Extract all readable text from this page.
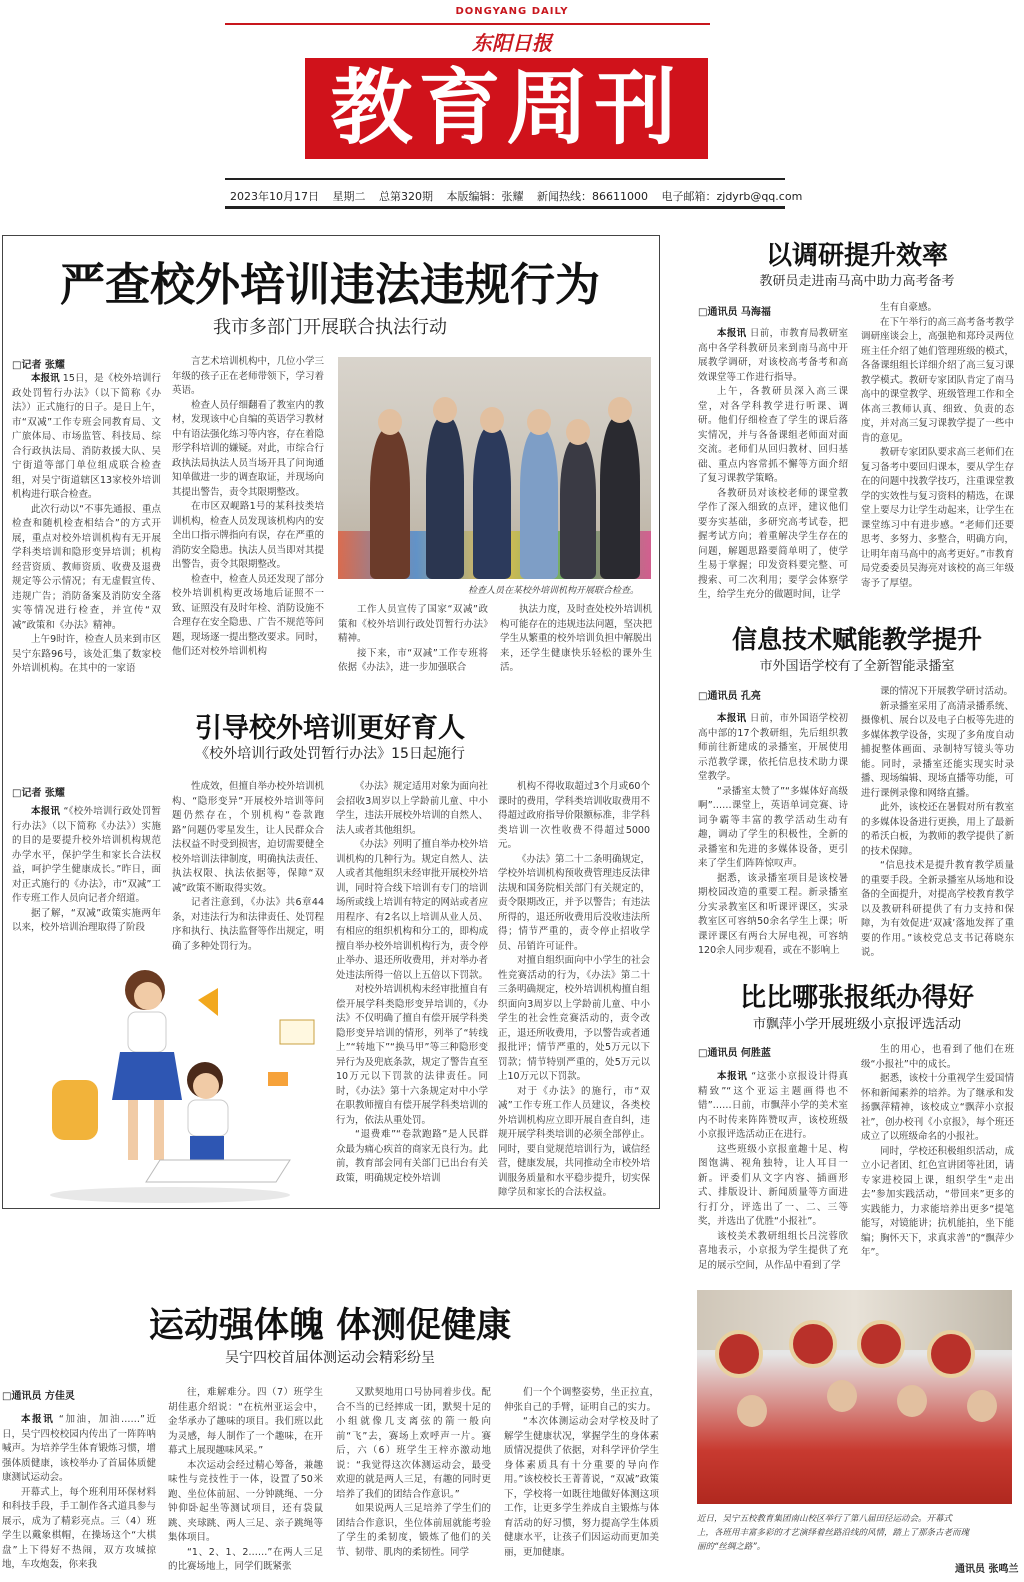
DONGYANG DAILY
东阳日报
教育周刊
2023年10月17日 星期二 总第320期 本版编辑：张耀 新闻热线：86611000 电子邮箱：zjdyrb@qq.com
严查校外培训违法违规行为
我市多部门开展联合执法行动
□记者 张耀

本报讯 15日，是《校外培训行政处罚暂行办法》（以下简称《办法》）正式施行的日子。是日上午，市“双减”工作专班会同教育局、文广旅体局、市场监管、科技局、综合行政执法局、消防救援大队、吴宁街道等部门单位组成联合检查组，对吴宁街道辖区13家校外培训机构进行联合检查。

此次行动以“不事先通报、重点检查和随机检查相结合”的方式开展，重点对校外培训机构有无开展学科类培训和隐形变异培训；机构经营资质、教师资质、收费及退费规定等公示情况；有无虚假宣传、违规广告；消防备案及消防安全落实等情况进行检查，并宣传“双减”政策和《办法》精神。

上午9时许，检查人员来到市区吴宁东路96号，该处汇集了数家校外培训机构。在其中的一家语

言艺术培训机构中，几位小学三年级的孩子正在老师带领下，学习着英语。

检查人员仔细翻看了教室内的教材，发现该中心自编的英语学习教材中有语法强化练习等内容，存在着隐形学科培训的嫌疑。对此，市综合行政执法局执法人员当场开具了问询通知单做进一步的调查取证，并现场向其提出警告，责令其限期整改。

在市区双岘路1号的某科技类培训机构，检查人员发现该机构内的安全出口指示牌指向有误，存在严重的消防安全隐患。执法人员当即对其提出警告，责令其限期整改。

检查中，检查人员还发现了部分校外培训机构更改场地后证照不一致、证照没有及时年检、消防设施不合理存在安全隐患、广告不规范等问题，现场逐一提出整改要求。同时，他们还对校外培训机构

检查人员在某校外培训机构开展联合检查。

工作人员宣传了国家“双减”政策和《校外培训行政处罚暂行办法》精神。

接下来，市“双减”工作专班将依据《办法》，进一步加强联合

执法力度，及时查处校外培训机构可能存在的违规违法问题，坚决把学生从繁重的校外培训负担中解脱出来，还学生健康快乐轻松的课外生活。

引导校外培训更好育人
《校外培训行政处罚暂行办法》15日起施行
□记者 张耀

本报讯 “《校外培训行政处罚暂行办法》（以下简称《办法》）实施的目的是要提升校外培训机构规范办学水平，保护学生和家长合法权益，呵护学生健康成长。”昨日，面对正式施行的《办法》，市“双减”工作专班工作人员向记者介绍道。

据了解，“双减”政策实施两年以来，校外培训治理取得了阶段

性成效，但擅自举办校外培训机构、“隐形变异”开展校外培训等问题仍然存在，个别机构“卷款跑路”问题仍零星发生，让人民群众合法权益不时受到损害，迫切需要健全校外培训法律制度，明确执法责任、执法权限、执法依据等，保障“双减”政策不断取得实效。

记者注意到，《办法》共6章44条，对违法行为和法律责任、处罚程序和执行、执法监督等作出规定，明确了多种处罚行为。

《办法》规定适用对象为面向社会招收3周岁以上学龄前儿童、中小学生，违法开展校外培训的自然人、法人或者其他组织。

《办法》列明了擅自举办校外培训机构的几种行为。规定自然人、法人或者其他组织未经审批开展校外培训，同时符合线下培训有专门的培训场所或线上培训有特定的网站或者应用程序、有2名以上培训从业人员、有相应的组织机构和分工的，即构成擅自举办校外培训机构行为，责令停止举办、退还所收费用，并对举办者处违法所得一倍以上五倍以下罚款。

对校外培训机构未经审批擅自有偿开展学科类隐形变异培训的，《办法》不仅明确了擅自有偿开展学科类隐形变异培训的情形，列举了“转线上”“转地下”“换马甲”等三种隐形变异行为及兜底条款，规定了警告直至10万元以下罚款的法律责任。同时，《办法》第十六条规定对中小学在职教师擅自有偿开展学科类培训的行为，依法从重处罚。

“退费难”“卷款跑路”是人民群众最为痛心疾首的商家无良行为。此前，教育部会同有关部门已出台有关政策，明确规定校外培训

机构不得收取超过3个月或60个课时的费用，学科类培训收取费用不得超过政府指导价限额标准，非学科类培训一次性收费不得超过5000元。

《办法》第二十二条明确规定，学校外培训机构预收费管理违反法律法规和国务院相关部门有关规定的，责令限期改正，并予以警告；有违法所得的，退还所收费用后没收违法所得；情节严重的，责令停止招收学员、吊销许可证件。

对擅自组织面向中小学生的社会性竞赛活动的行为，《办法》第二十三条明确规定，校外培训机构擅自组织面向3周岁以上学龄前儿童、中小学生的社会性竞赛活动的，责令改正，退还所收费用，予以警告或者通报批评；情节严重的，处5万元以下罚款；情节特别严重的，处5万元以上10万元以下罚款。

对于《办法》的施行，市“双减”工作专班工作人员建议，各类校外培训机构应立即开展自查自纠，违规开展学科类培训的必须全部停止。同时，要自觉规范培训行为，诚信经营，健康发展，共同推动全市校外培训服务质量和水平稳步提升，切实保障学员和家长的合法权益。

以调研提升效率
教研员走进南马高中助力高考备考
□通讯员 马海福

本报讯 日前，市教育局教研室高中各学科教研员来到南马高中开展教学调研，对该校高考备考和高效课堂等工作进行指导。

上午，各教研员深入高三课堂，对各学科教学进行听课、调研。他们仔细检查了学生的课后落实情况，并与各备课组老师面对面交流。老师们从回归教材、回归基础、重点内容常抓不懈等方面介绍了复习课教学策略。

各教研员对该校老师的课堂教学作了深入细致的点评，建议他们要夯实基础，多研究高考试卷，把握考试方向；着重解决学生存在的问题，解题思路要简单明了，使学生易于掌握；印发资料要完整、可搜索、可二次利用；要学会体察学生，给学生充分的做题时间，让学

生有自豪感。

在下午举行的高三高考备考教学调研座谈会上，高强艳和郑玲灵两位班主任介绍了她们管理班级的模式，各备课组组长详细介绍了高三复习课教学模式。教研专家团队肯定了南马高中的课堂教学、班级管理工作和全体高三教师认真、细致、负责的态度，并对高三复习课教学提了一些中肯的意见。

教研专家团队要求高三老师们在复习备考中要回归课本，要从学生存在的问题中找教学技巧，注重课堂教学的实效性与复习资料的精选，在课堂上要尽力让学生动起来，让学生在课堂练习中有进步感。“老师们还要思考、多努力、多整合，明确方向，让明年南马高中的高考更好。”市教育局党委委员吴海亮对该校的高三年级寄予了厚望。

信息技术赋能教学提升
市外国语学校有了全新智能录播室
□通讯员 孔亮

本报讯 日前，市外国语学校初高中部的17个教研组，先后组织教师前往新建成的录播室，开展使用示范教学课，依托信息技术助力课堂教学。

“录播室太赞了”“多媒体好高级啊”……课堂上，英语单词竞赛、诗词争霸等丰富的教学活动生动有趣，调动了学生的积极性，全新的录播室和先进的多媒体设备，更引来了学生们阵阵惊叹声。

据悉，该录播室项目是该校暑期校园改造的重要工程。新录播室分实录教室区和听课评课区，实录教室区可容纳50余名学生上课；听课评课区有两台大屏电视，可容纳120余人同步观看，或在不影响上

课的情况下开展教学研讨活动。

新录播室采用了高清录播系统、摄像机、展台以及电子白板等先进的多媒体教学设备，实现了多角度自动捕捉整体画面、录制特写镜头等功能。同时，录播室还能实现实时录播、现场编辑、现场直播等功能，可进行课例录像和网络直播。

此外，该校还在暑假对所有教室的多媒体设备进行更换，用上了最新的希沃白板，为教师的教学提供了新的技术保障。

“信息技术是提升教育教学质量的重要手段。全新录播室从场地和设备的全面提升，对提高学校教育教学以及教研科研提供了有力支持和保障，为有效促进‘双减’落地发挥了重要的作用。”该校党总支书记蒋晓东说。

比比哪张报纸办得好
市飘萍小学开展班级小京报评选活动
□通讯员 何胜蓝

本报讯 “这张小京报设计得真精致”“这个亚运主题画得也不错”……日前，市飘萍小学的美术室内不时传来阵阵赞叹声，该校班级小京报评选活动正在进行。

这些班级小京报童趣十足、构图饱满、视角独特，让人耳目一新。评委们从文字内容、插画形式、排版设计、新闻质量等方面进行打分，评选出了一、二、三等奖，并选出了优胜“小报社”。

该校美术教研组组长吕浣蓉欣喜地表示，小京报为学生提供了充足的展示空间，从作品中看到了学

生的用心，也看到了他们在班级“小报社”中的成长。

据悉，该校十分重视学生爱国情怀和新闻素养的培养。为了继承和发扬飘萍精神，该校成立“飘萍小京报社”，创办校刊《小京报》，每个班还成立了以班级命名的小报社。

同时，学校还积极组织活动，成立小记者团、红色宣讲团等社团，请专家进校园上课，组织学生“走出去”参加实践活动，“带回来”更多的实践能力，力求能培养出更多“提笔能写，对镜能讲；抗机能拍，坐下能编；胸怀天下，求真求善”的“飘萍少年”。

近日，吴宁五校教育集团南山校区举行了第八届田径运动会。开幕式
上，各班用丰富多彩的才艺演绎着丝路沿线的风情，踏上了那条古老而瑰
丽的“丝绸之路”。
通讯员 张鸣兰
运动强体魄 体测促健康
吴宁四校首届体测运动会精彩纷呈
□通讯员 方佳灵

本报讯 “加油，加油……”近日，吴宁四校校园内传出了一阵阵呐喊声。为培养学生体育锻炼习惯，增强体质健康，该校举办了首届体质健康测试运动会。

开幕式上，每个班利用环保材料和科技手段，手工制作各式道具参与展示，成为了精彩亮点。三（4）班学生以戴象棋帽，在操场这个“大棋盘”上下得好不热闹，双方攻城掠地，车攻炮轰，你来我

往，难解难分。四（7）班学生胡佳惠介绍说：“在杭州亚运会中，金华承办了趣味的项目。我们班以此为灵感，每人制作了一个趣味，在开幕式上展现趣味风采。”

本次运动会经过精心筹备，兼趣味性与竞技性于一体，设置了50米跑、坐位体前屈、一分钟跳绳、一分钟仰卧起坐等测试项目，还有袋鼠跳、夹球跳、两人三足、亲子跳绳等集体项目。

“1、2、1、2……”在两人三足的比赛场地上，同学们既紧张

又默契地用口号协同着步伐。配合不当的已经摔成一团，默契十足的小组就像几支离弦的箭一般向前“飞”去，赛场上欢呼声一片。赛后，六（6）班学生王梓亦激动地说：“我觉得这次体测运动会，最受欢迎的就是两人三足，有趣的同时更培养了我们的团结合作意识。”

如果说两人三足培养了学生们的团结合作意识，坐位体前屈就能考验了学生的柔韧度，锻炼了他们的关节、韧带、肌肉的柔韧性。同学

们一个个调整姿势，坐正拉直，伸张自己的手臂，证明自己的实力。

“本次体测运动会对学校及时了解学生健康状况，掌握学生的身体素质情况提供了依据，对科学评价学生身体素质具有十分重要的导向作用。”该校校长王菁菁说，“双减”政策下，学校将一如既往地做好体测这项工作，让更多学生养成自主锻炼与体育活动的好习惯，努力提高学生体质健康水平，让孩子们因运动而更加美丽，更加健康。
